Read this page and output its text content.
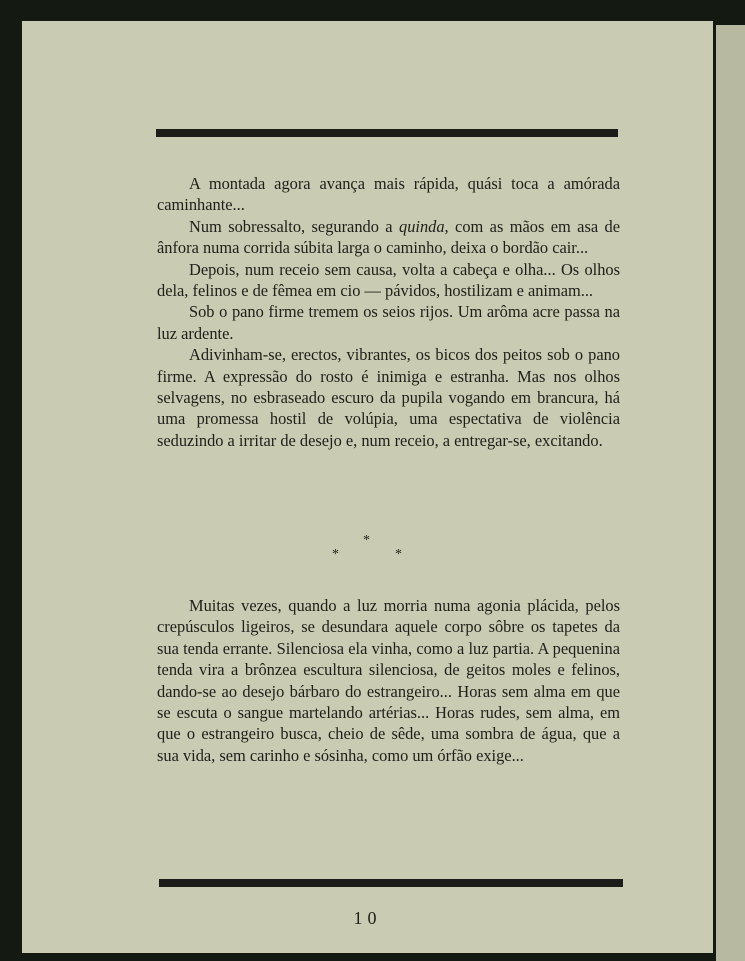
A montada agora avança mais rápida, quási toca a amórada caminhante...

Num sobressalto, segurando a quinda, com as mãos em asa de ânfora numa corrida súbita larga o caminho, deixa o bordão cair...

Depois, num receio sem causa, volta a cabeça e olha... Os olhos dela, felinos e de fêmea em cio — pávidos, hostilizam e animam...

Sob o pano firme tremem os seios rijos. Um arôma acre passa na luz ardente.

Adivinham-se, erectos, vibrantes, os bicos dos peitos sob o pano firme. A expressão do rosto é inimiga e estranha. Mas nos olhos selvagens, no esbraseado escuro da pupila vogando em brancura, há uma promessa hostil de volúpia, uma espectativa de violência seduzindo a irritar de desejo e, num receio, a entregar-se, excitando.

*
*	*

Muitas vezes, quando a luz morria numa agonia plácida, pelos crepúsculos ligeiros, se desundara aquele corpo sôbre os tapetes da sua tenda errante. Silenciosa ela vinha, como a luz partia. A pequenina tenda vira a brônzea escultura silenciosa, de geitos moles e felinos, dando-se ao desejo bárbaro do estrangeiro... Horas sem alma em que se escuta o sangue martelando artérias... Horas rudes, sem alma, em que o estrangeiro busca, cheio de sêde, uma sombra de água, que a sua vida, sem carinho e sósinha, como um órfão exige...

10
